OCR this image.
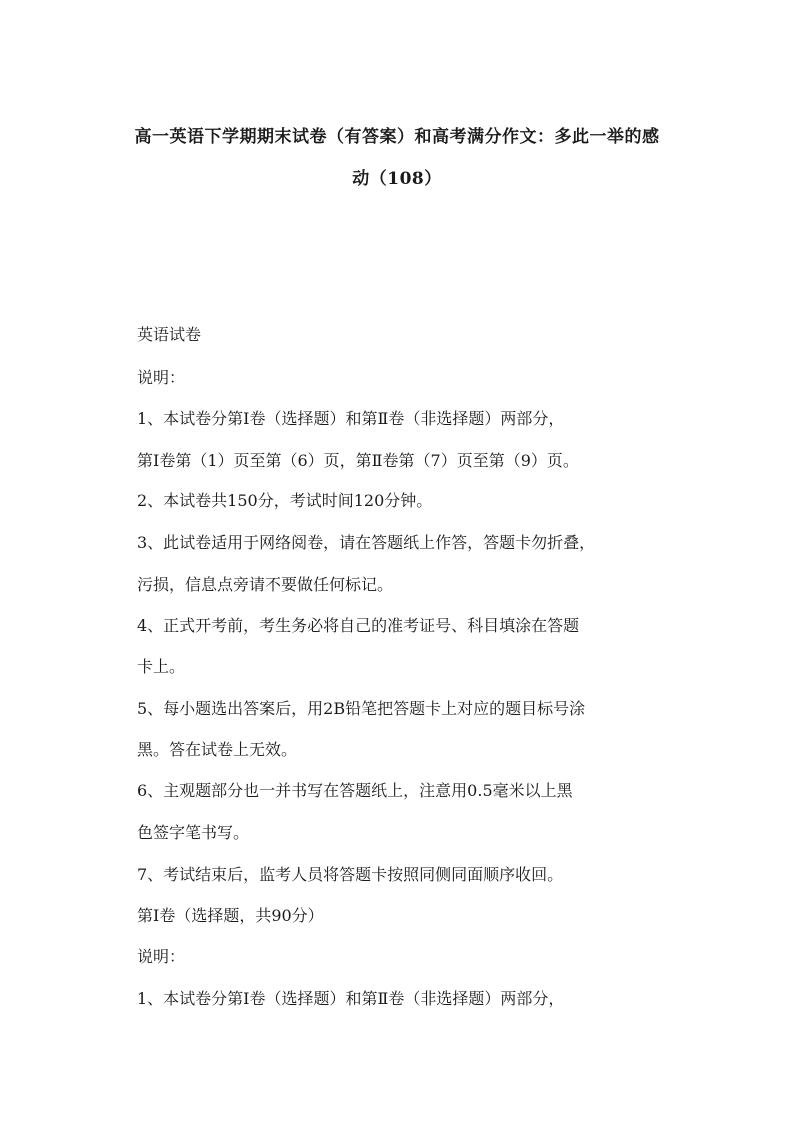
高一英语下学期期末试卷（有答案）和高考满分作文：多此一举的感
动（108）
英语试卷
说明：
1、本试卷分第Ⅰ卷（选择题）和第Ⅱ卷（非选择题）两部分，
第Ⅰ卷第（1）页至第（6）页，第Ⅱ卷第（7）页至第（9）页。
2、本试卷共150分，考试时间120分钟。
3、此试卷适用于网络阅卷，请在答题纸上作答，答题卡勿折叠，
污损，信息点旁请不要做任何标记。
4、正式开考前，考生务必将自己的准考证号、科目填涂在答题
卡上。
5、每小题选出答案后，用2B铅笔把答题卡上对应的题目标号涂
黑。答在试卷上无效。
6、主观题部分也一并书写在答题纸上，注意用0.5毫米以上黑
色签字笔书写。
7、考试结束后，监考人员将答题卡按照同侧同面顺序收回。
第Ⅰ卷（选择题，共90分）
说明：
1、本试卷分第Ⅰ卷（选择题）和第Ⅱ卷（非选择题）两部分，
